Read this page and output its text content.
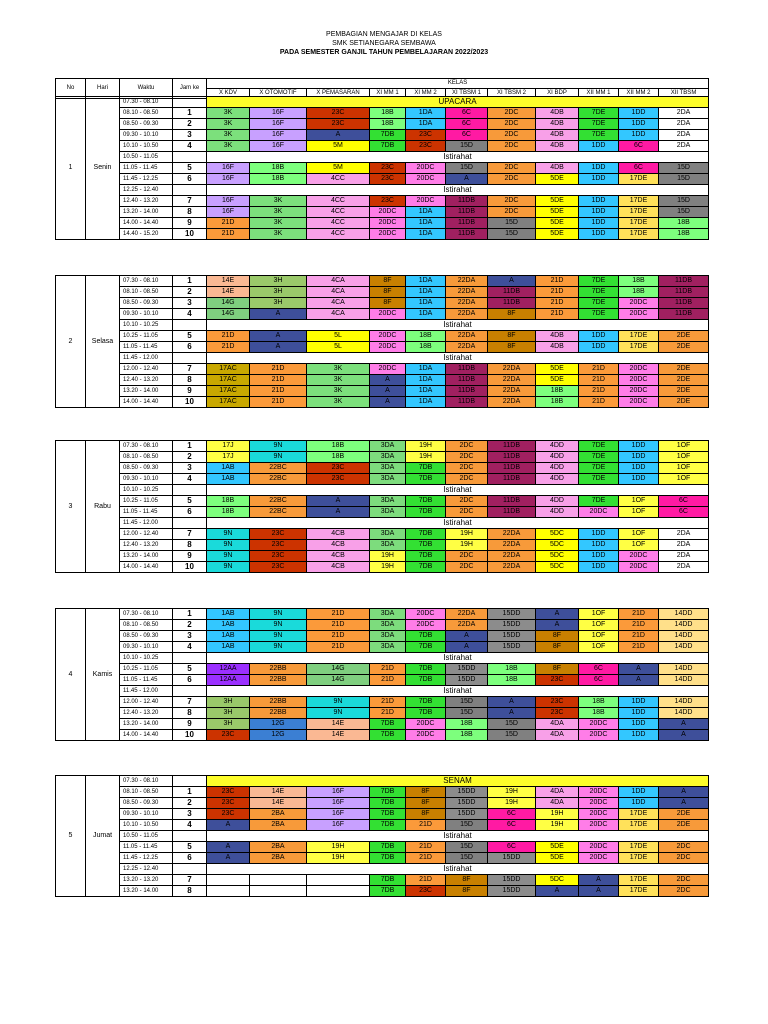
PEMBAGIAN MENGAJAR DI KELAS
SMK SETIANEGARA SEMBAWA
PADA SEMESTER GANJIL TAHUN PEMBELAJARAN 2022/2023
No	Hari	Waktu	Jam ke	KELAS										
				X KDV	X OTOMOTIF	X PEMASARAN	XI MM 1	XI MM 2	XI TBSM 1	XI TBSM 2	XI BDP	XII MM 1	XII MM 2	XII TBSM
1	Senin	07.30 - 08.10		UPACARA										
		08.10 - 08.50	1	3K	16F	23C	18B	1DA	6C	2DC	4DB	7DE	1DD	2DA
		08.50 - 09.30	2	3K	16F	23C	18B	1DA	6C	2DC	4DB	7DE	1DD	2DA
		09.30 - 10.10	3	3K	16F	A	7DB	23C	6C	2DC	4DB	7DE	1DD	2DA
		10.10 - 10.50	4	3K	16F	5M	7DB	23C	15D	2DC	4DB	1DD	6C	2DA
		10.50 - 11.05		Istirahat										
		11.05 - 11.45	5	16F	18B	5M	23C	20DC	15D	2DC	4DB	1DD	6C	15D
		11.45 - 12.25	6	16F	18B	4CC	23C	20DC	A	2DC	5DE	1DD	17DE	15D
		12.25 - 12.40		Istirahat										
		12.40 - 13.20	7	16F	3K	4CC	23C	20DC	11DB	2DC	5DE	1DD	17DE	15D
		13.20 - 14.00	8	16F	3K	4CC	20DC	1DA	11DB	2DC	5DE	1DD	17DE	15D
		14.00 - 14.40	9	21D	3K	4CC	20DC	1DA	11DB	15D	5DE	1DD	17DE	18B
		14.40 - 15.20	10	21D	3K	4CC	20DC	1DA	11DB	15D	5DE	1DD	17DE	18B
2	Selasa	07.30 - 08.10	1	14E	3H	4CA	8F	1DA	22DA	A	21D	7DE	18B	11DB
		08.10 - 08.50	2	14E	3H	4CA	8F	1DA	22DA	11DB	21D	7DE	18B	11DB
		08.50 - 09.30	3	14G	3H	4CA	8F	1DA	22DA	11DB	21D	7DE	20DC	11DB
		09.30 - 10.10	4	14G	A	4CA	20DC	1DA	22DA	8F	21D	7DE	20DC	11DB
		10.10 - 10.25		Istirahat										
		10.25 - 11.05	5	21D	A	5L	20DC	18B	22DA	8F	4DB	1DD	17DE	2DE
		11.05 - 11.45	6	21D	A	5L	20DC	18B	22DA	8F	4DB	1DD	17DE	2DE
		11.45 - 12.00		Istirahat										
		12.00 - 12.40	7	17AC	21D	3K	20DC	1DA	11DB	22DA	5DE	21D	20DC	2DE
		12.40 - 13.20	8	17AC	21D	3K	A	1DA	11DB	22DA	5DE	21D	20DC	2DE
		13.20 - 14.00	9	17AC	21D	3K	A	1DA	11DB	22DA	18B	21D	20DC	2DE
		14.00 - 14.40	10	17AC	21D	3K	A	1DA	11DB	22DA	18B	21D	20DC	2DE
3	Rabu	07.30 - 08.10	1	17J	9N	18B	3DA	19H	2DC	11DB	4DD	7DE	1DD	1OF
		08.10 - 08.50	2	17J	9N	18B	3DA	19H	2DC	11DB	4DD	7DE	1DD	1OF
		08.50 - 09.30	3	1AB	22BC	23C	3DA	7DB	2DC	11DB	4DD	7DE	1DD	1OF
		09.30 - 10.10	4	1AB	22BC	23C	3DA	7DB	2DC	11DB	4DD	7DE	1DD	1OF
		10.10 - 10.25		Istirahat										
		10.25 - 11.05	5	18B	22BC	A	3DA	7DB	2DC	11DB	4DD	7DE	1OF	6C
		11.05 - 11.45	6	18B	22BC	A	3DA	7DB	2DC	11DB	4DD	20DC	1OF	6C
		11.45 - 12.00		Istirahat										
		12.00 - 12.40	7	9N	23C	4CB	3DA	7DB	19H	22DA	5DC	1DD	1OF	2DA
		12.40 - 13.20	8	9N	23C	4CB	3DA	7DB	19H	22DA	5DC	1DD	1OF	2DA
		13.20 - 14.00	9	9N	23C	4CB	19H	7DB	2DC	22DA	5DC	1DD	20DC	2DA
		14.00 - 14.40	10	9N	23C	4CB	19H	7DB	2DC	22DA	5DC	1DD	20DC	2DA
4	Kamis	07.30 - 08.10	1	1AB	9N	21D	3DA	20DC	22DA	15DD	A	1OF	21D	14DD
		08.10 - 08.50	2	1AB	9N	21D	3DA	20DC	22DA	15DD	A	1OF	21D	14DD
		08.50 - 09.30	3	1AB	9N	21D	3DA	7DB	A	15DD	8F	1OF	21D	14DD
		09.30 - 10.10	4	1AB	9N	21D	3DA	7DB	A	15DD	8F	1OF	21D	14DD
		10.10 - 10.25		Istirahat										
		10.25 - 11.05	5	12AA	22BB	14G	21D	7DB	15DD	18B	8F	6C	A	14DD
		11.05 - 11.45	6	12AA	22BB	14G	21D	7DB	15DD	18B	23C	6C	A	14DD
		11.45 - 12.00		Istirahat										
		12.00 - 12.40	7	3H	22BB	9N	21D	7DB	15D	A	23C	18B	1DD	14DD
		12.40 - 13.20	8	3H	22BB	9N	21D	7DB	15D	A	23C	18B	1DD	14DD
		13.20 - 14.00	9	3H	12G	14E	7DB	20DC	18B	15D	4DA	20DC	1DD	A
		14.00 - 14.40	10	23C	12G	14E	7DB	20DC	18B	15D	4DA	20DC	1DD	A
5	Jumat	07.30 - 08.10		SENAM										
		08.10 - 08.50	1	23C	14E	16F	7DB	8F	15DD	19H	4DA	20DC	1DD	A
		08.50 - 09.30	2	23C	14E	16F	7DB	8F	15DD	19H	4DA	20DC	1DD	A
		09.30 - 10.10	3	23C	2BA	16F	7DB	8F	15DD	6C	19H	20DC	17DE	2DE
		10.10 - 10.50	4	A	2BA	16F	7DB	21D	15D	6C	19H	20DC	17DE	2DE
		10.50 - 11.05		Istirahat										
		11.05 - 11.45	5	A	2BA	19H	7DB	21D	15D	6C	5DE	20DC	17DE	2DC
		11.45 - 12.25	6	A	2BA	19H	7DB	21D	15D	15DD	5DE	20DC	17DE	2DC
		12.25 - 12.40		Istirahat										
		13.20 - 13.20	7				7DB	21D	8F	15DD	5DC	A	17DE	2DC
		13.20 - 14.00	8				7DB	23C	8F	15DD	A	A	17DE	2DC
